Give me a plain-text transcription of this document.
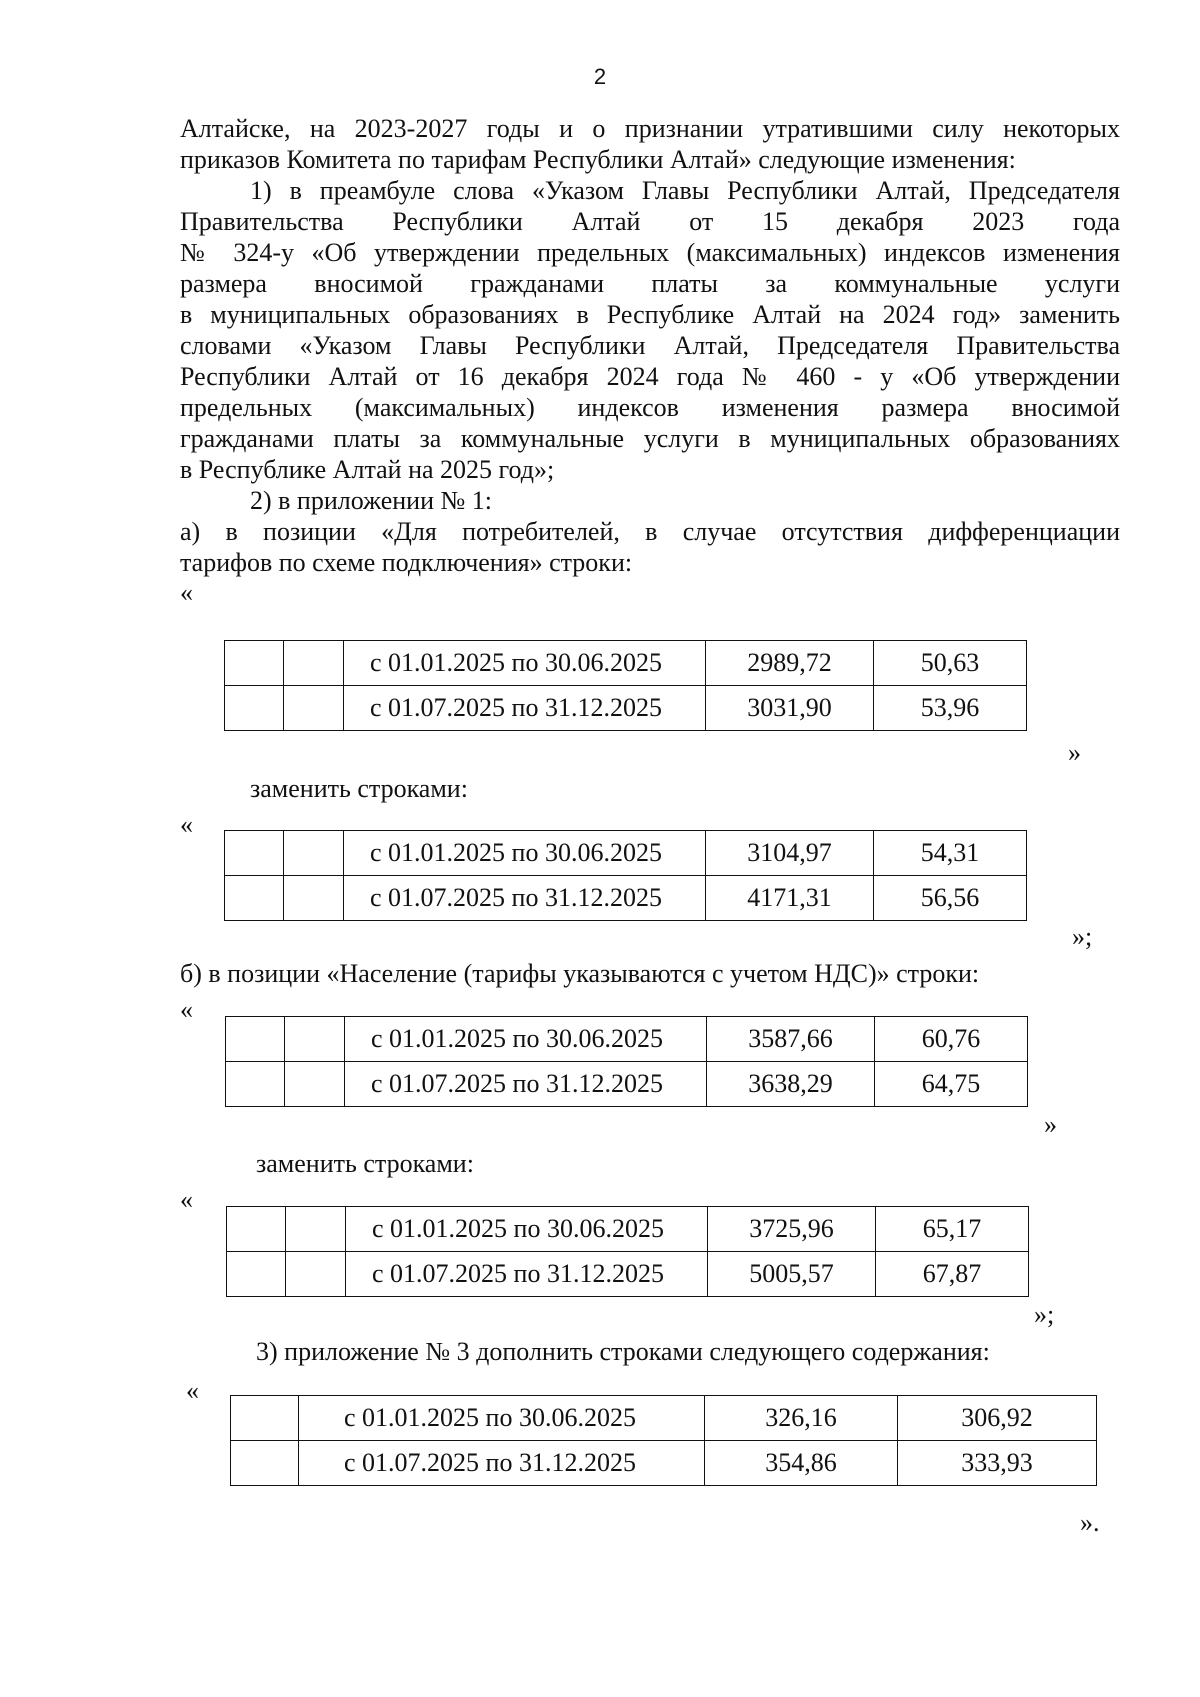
2
Алтайске, на 2023-2027 годы и о признании утратившими силу некоторых
приказов Комитета по тарифам Республики Алтай» следующие изменения:
1) в преамбуле слова «Указом Главы Республики Алтай, Председателя
Правительства Республики Алтай от 15 декабря 2023 года
№ 324-у «Об утверждении предельных (максимальных) индексов изменения
размера вносимой гражданами платы за коммунальные услуги
в муниципальных образованиях в Республике Алтай на 2024 год» заменить
словами «Указом Главы Республики Алтай, Председателя Правительства
Республики Алтай от 16 декабря 2024 года № 460 - у «Об утверждении
предельных (максимальных) индексов изменения размера вносимой
гражданами платы за коммунальные услуги в муниципальных образованиях
в Республике Алтай на 2025 год»;
2) в приложении № 1:
а) в позиции «Для потребителей, в случае отсутствия дифференциации
тарифов по схеме подключения» строки:
«
		с 01.01.2025 по 30.06.2025	2989,72	50,63
		с 01.07.2025 по 31.12.2025	3031,90	53,96
»
заменить строками:
«
		с 01.01.2025 по 30.06.2025	3104,97	54,31
		с 01.07.2025 по 31.12.2025	4171,31	56,56
»;
б) в позиции «Население (тарифы указываются с учетом НДС)» строки:
«
		с 01.01.2025 по 30.06.2025	3587,66	60,76
		с 01.07.2025 по 31.12.2025	3638,29	64,75
»
заменить строками:
«
		с 01.01.2025 по 30.06.2025	3725,96	65,17
		с 01.07.2025 по 31.12.2025	5005,57	67,87
»;
3) приложение № 3 дополнить строками следующего содержания:
«
	с 01.01.2025 по 30.06.2025	326,16	306,92
	с 01.07.2025 по 31.12.2025	354,86	333,93
».
